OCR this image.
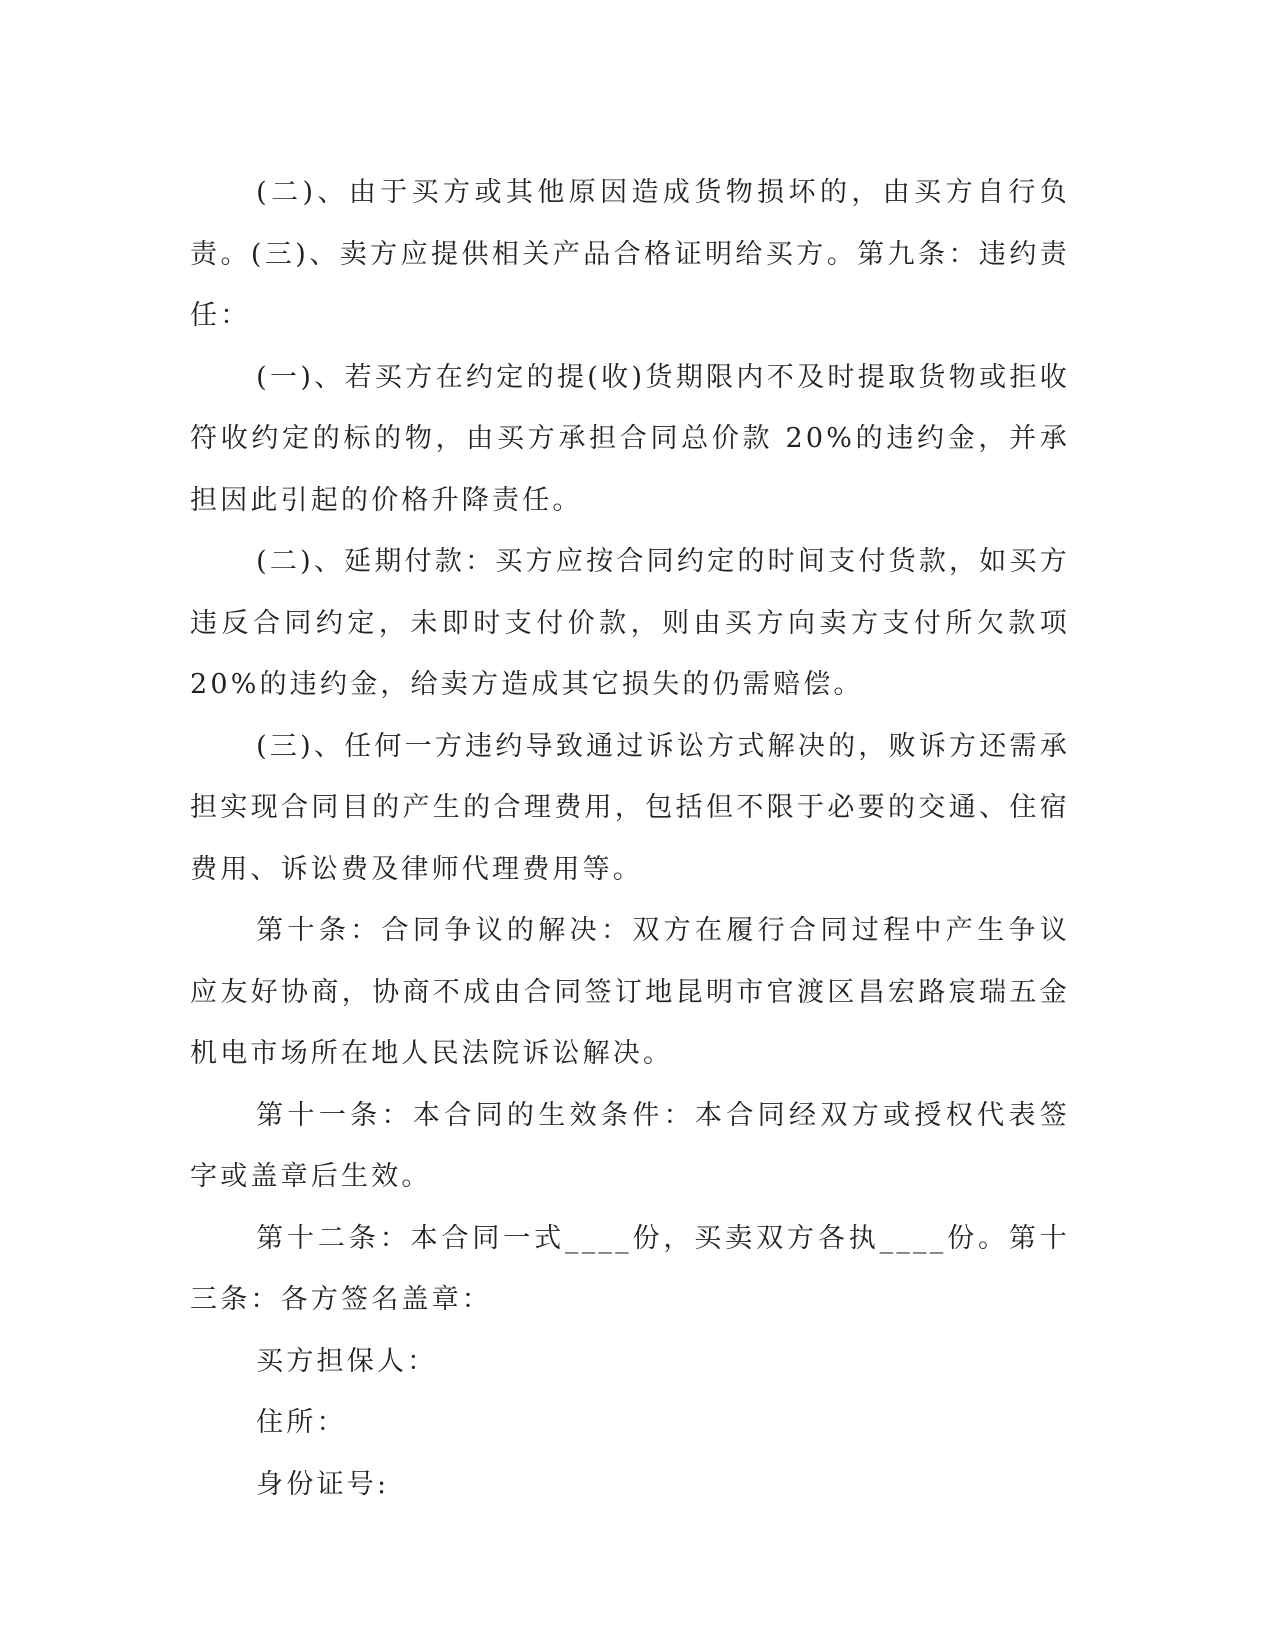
(二)、由于买方或其他原因造成货物损坏的，由买方自行负责。(三)、卖方应提供相关产品合格证明给买方。第九条：违约责任：

(一)、若买方在约定的提(收)货期限内不及时提取货物或拒收符收约定的标的物，由买方承担合同总价款 20%的违约金，并承担因此引起的价格升降责任。

(二)、延期付款：买方应按合同约定的时间支付货款，如买方违反合同约定，未即时支付价款，则由买方向卖方支付所欠款项 20%的违约金，给卖方造成其它损失的仍需赔偿。

(三)、任何一方违约导致通过诉讼方式解决的，败诉方还需承担实现合同目的产生的合理费用，包括但不限于必要的交通、住宿费用、诉讼费及律师代理费用等。

第十条：合同争议的解决：双方在履行合同过程中产生争议应友好协商，协商不成由合同签订地昆明市官渡区昌宏路宸瑞五金机电市场所在地人民法院诉讼解决。

第十一条：本合同的生效条件：本合同经双方或授权代表签字或盖章后生效。

第十二条：本合同一式____份，买卖双方各执____份。第十三条：各方签名盖章：

买方担保人：

住所：

身份证号:
